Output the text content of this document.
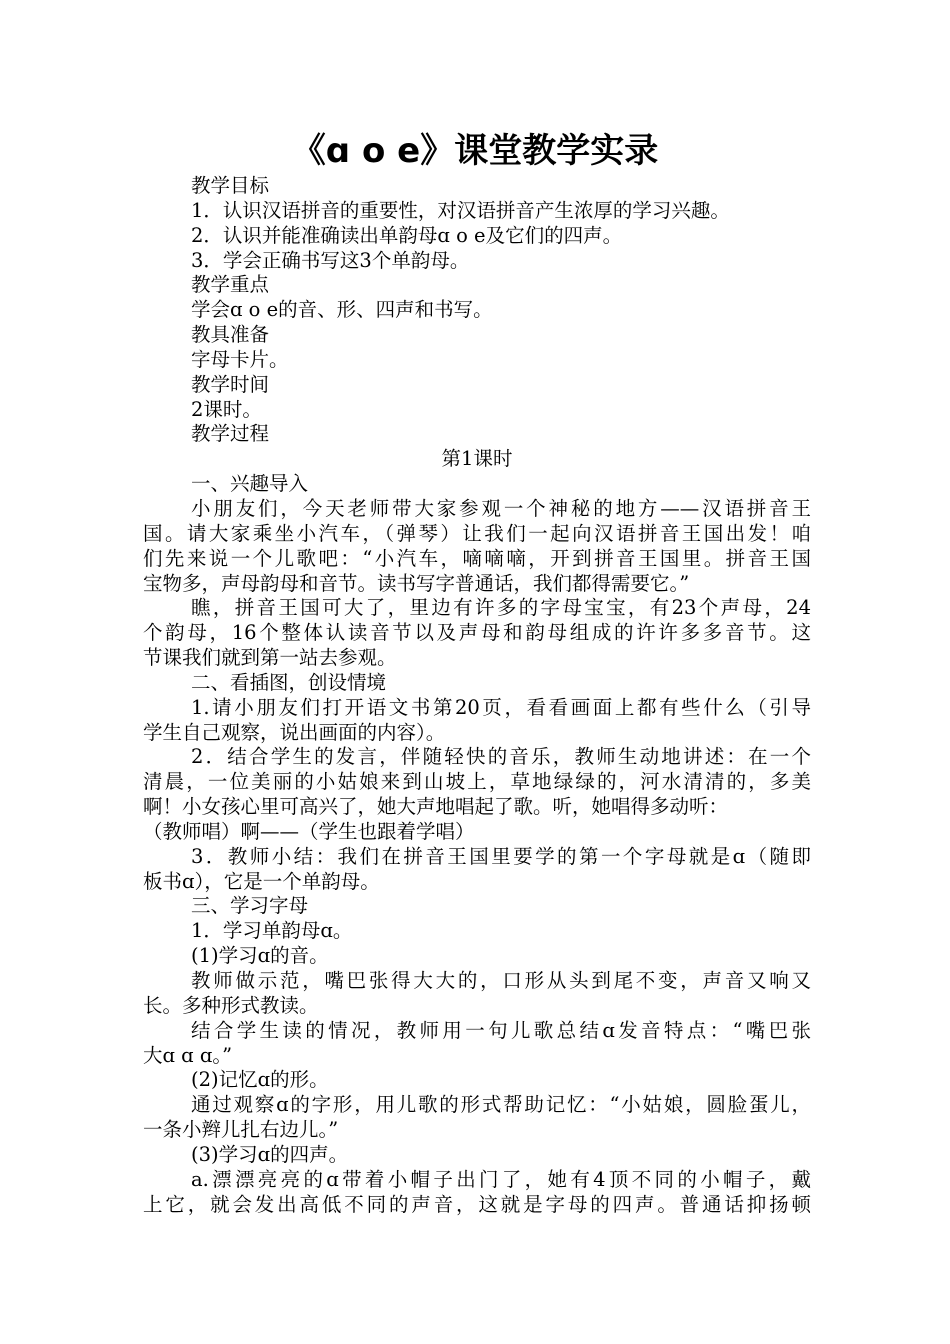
《ɑ o e》课堂教学实录

教学目标

1．认识汉语拼音的重要性，对汉语拼音产生浓厚的学习兴趣。

2．认识并能准确读出单韵母ɑ o e及它们的四声。

3．学会正确书写这3个单韵母。

教学重点

学会ɑ o e的音、形、四声和书写。

教具准备

字母卡片。

教学时间

2课时。

教学过程

第1课时

一、兴趣导入

小朋友们，今天老师带大家参观一个神秘的地方——汉语拼音王

国。请大家乘坐小汽车，（弹琴）让我们一起向汉语拼音王国出发！咱

们先来说一个儿歌吧：“小汽车，嘀嘀嘀，开到拼音王国里。拼音王国

宝物多，声母韵母和音节。读书写字普通话，我们都得需要它。”

瞧，拼音王国可大了，里边有许多的字母宝宝，有23个声母，24

个韵母，16个整体认读音节以及声母和韵母组成的许许多多音节。这

节课我们就到第一站去参观。

二、看插图，创设情境

1.请小朋友们打开语文书第20页，看看画面上都有些什么（引导

学生自己观察，说出画面的内容）。

2．结合学生的发言，伴随轻快的音乐，教师生动地讲述：在一个

清晨，一位美丽的小姑娘来到山坡上，草地绿绿的，河水清清的，多美

啊！小女孩心里可高兴了，她大声地唱起了歌。听，她唱得多动听：

（教师唱）啊——（学生也跟着学唱）

3．教师小结：我们在拼音王国里要学的第一个字母就是ɑ（随即

板书ɑ），它是一个单韵母。

三、学习字母

1．学习单韵母ɑ。

(1)学习ɑ的音。

教师做示范，嘴巴张得大大的，口形从头到尾不变，声音又响又

长。多种形式教读。

结合学生读的情况，教师用一句儿歌总结ɑ发音特点：“嘴巴张

大ɑ ɑ ɑ。”

(2)记忆ɑ的形。

通过观察ɑ的字形，用儿歌的形式帮助记忆：“小姑娘，圆脸蛋儿，

一条小辫儿扎右边儿。”

(3)学习ɑ的四声。

a.漂漂亮亮的ɑ带着小帽子出门了，她有4顶不同的小帽子，戴

上它，就会发出高低不同的声音，这就是字母的四声。普通话抑扬顿
